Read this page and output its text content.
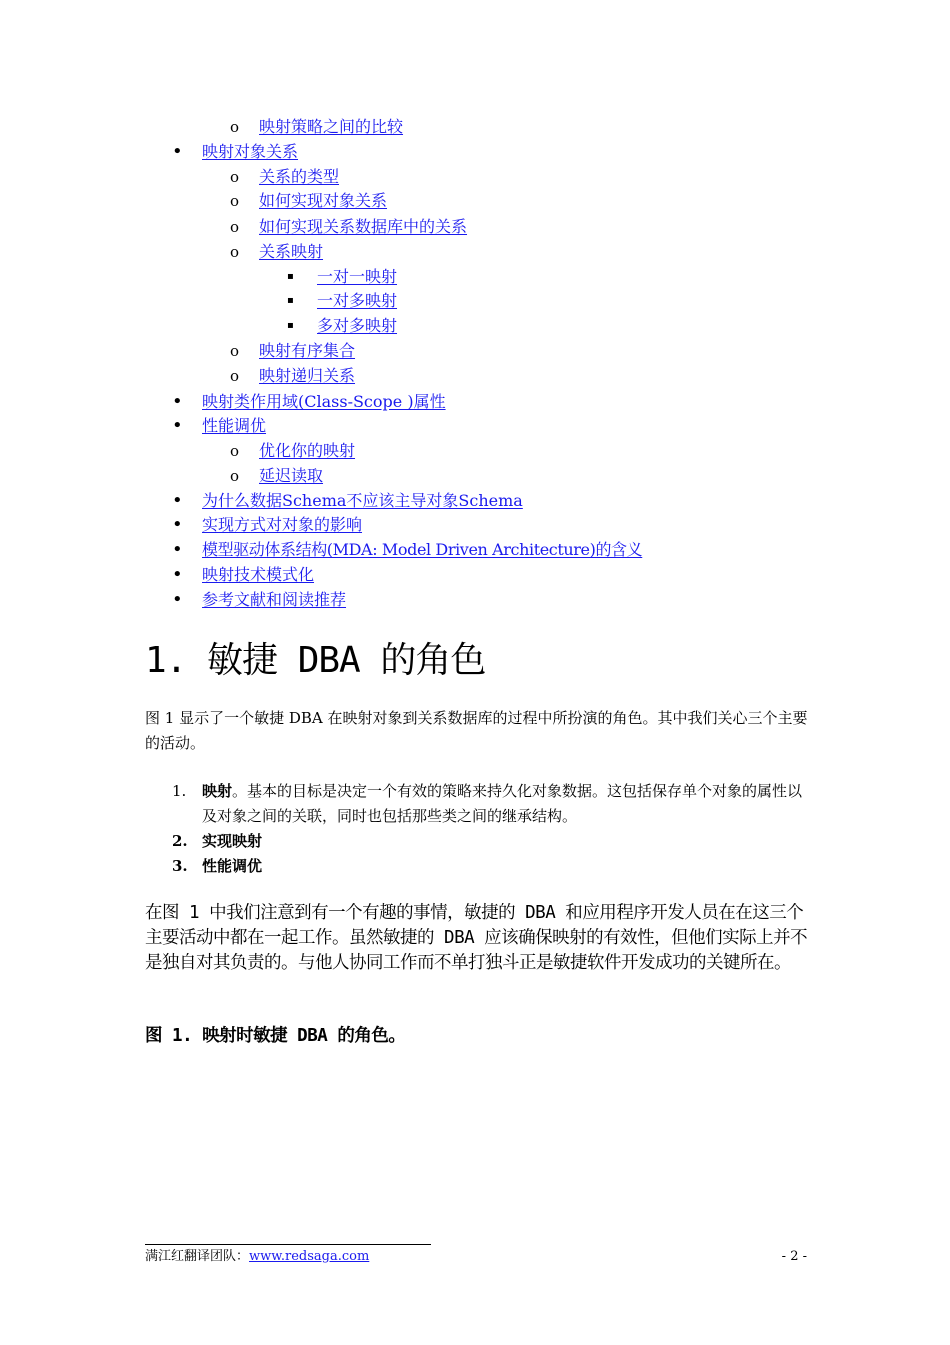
o 映射策略之间的比较
• 映射对象关系
o 关系的类型
o 如何实现对象关系
o 如何实现关系数据库中的关系
o 关系映射
▪ 一对一映射
▪ 一对多映射
▪ 多对多映射
o 映射有序集合
o 映射递归关系
• 映射类作用域(Class-Scope )属性
• 性能调优
o 优化你的映射
o 延迟读取
• 为什么数据Schema不应该主导对象Schema
• 实现方式对对象的影响
• 模型驱动体系结构(MDA: Model Driven Architecture)的含义
• 映射技术模式化
• 参考文献和阅读推荐
1. 敏捷 DBA 的角色

图 1 显示了一个敏捷 DBA 在映射对象到关系数据库的过程中所扮演的角色。其中我们关心三个主要的活动。

1. 映射。基本的目标是决定一个有效的策略来持久化对象数据。这包括保存单个对象的属性以及对象之间的关联，同时也包括那些类之间的继承结构。
2. 实现映射
3. 性能调优

在图 1 中我们注意到有一个有趣的事情，敏捷的 DBA 和应用程序开发人员在在这三个主要活动中都在一起工作。虽然敏捷的 DBA 应该确保映射的有效性，但他们实际上并不是独自对其负责的。与他人协同工作而不单打独斗正是敏捷软件开发成功的关键所在。

图 1. 映射时敏捷 DBA 的角色。

满江红翻译团队：www.redsaga.com	- 2 -
